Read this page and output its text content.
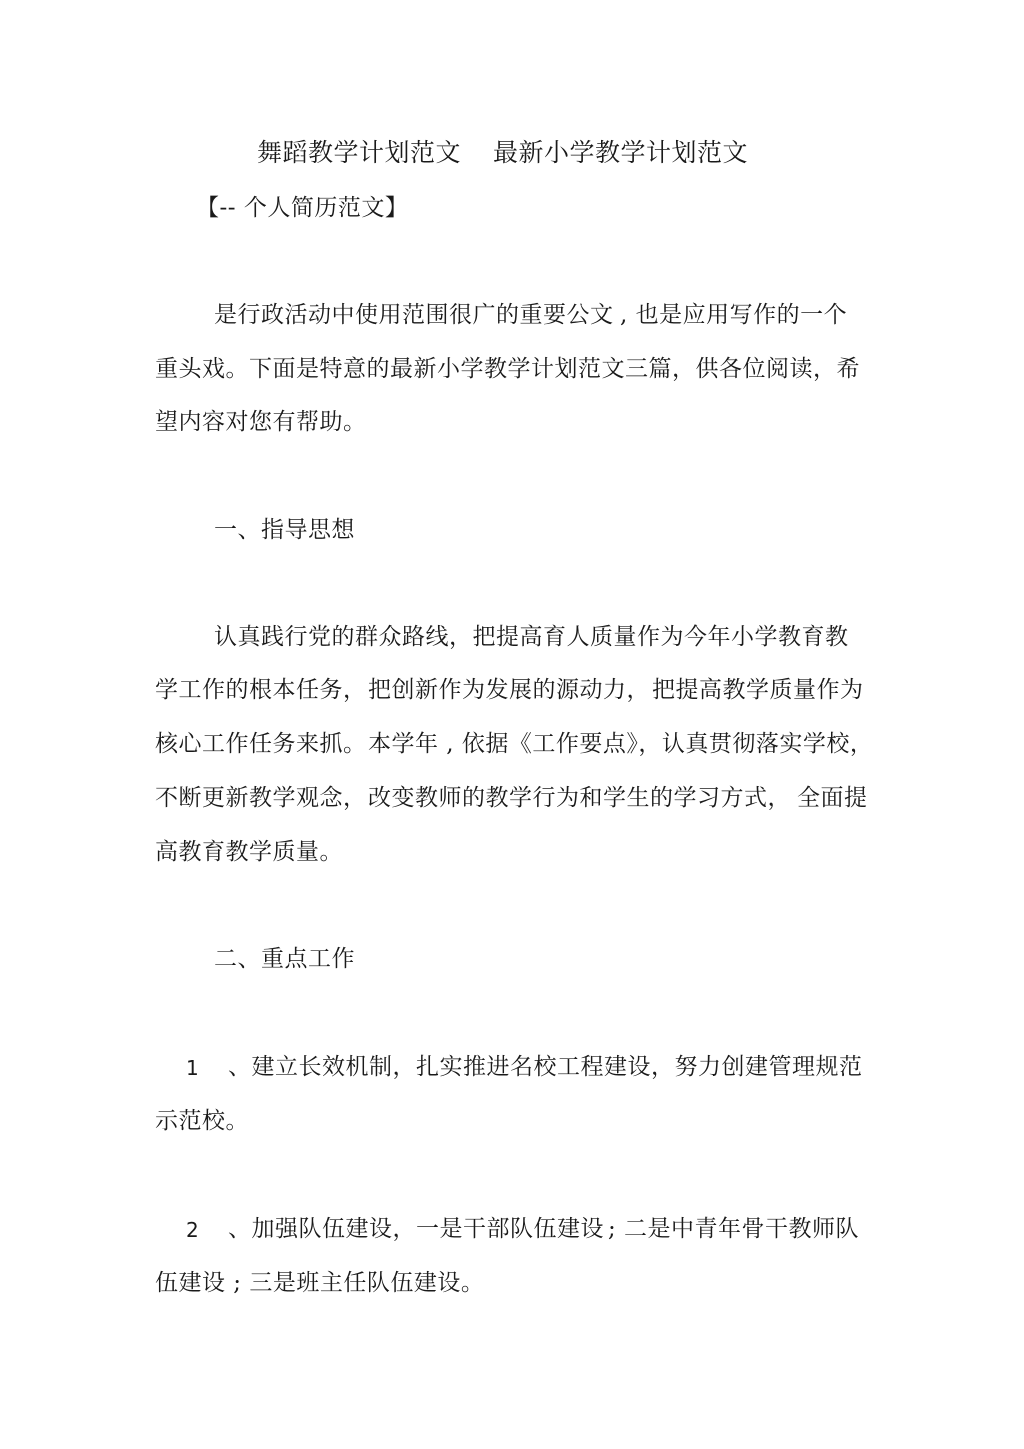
舞蹈教学计划范文 最新小学教学计划范文
【-- 个人简历范文】
是行政活动中使用范围很广的重要公文 , 也是应用写作的一个
重头戏。下面是特意的最新小学教学计划范文三篇，供各位阅读，希
望内容对您有帮助。
一、指导思想
认真践行党的群众路线，把提高育人质量作为今年小学教育教
学工作的根本任务， 把创新作为发展的源动力， 把提高教学质量作为
核心工作任务来抓。 本学年 , 依据《工作要点》，认真贯彻落实学校，
不断更新教学观念， 改变教师的教学行为和学生的学习方式， 全面提
高教育教学质量。
二、重点工作
1 、建立长效机制，扎实推进名校工程建设，努力创建管理规范
示范校。
2 、加强队伍建设，一是干部队伍建设 ; 二是中青年骨干教师队
伍建设 ; 三是班主任队伍建设。
